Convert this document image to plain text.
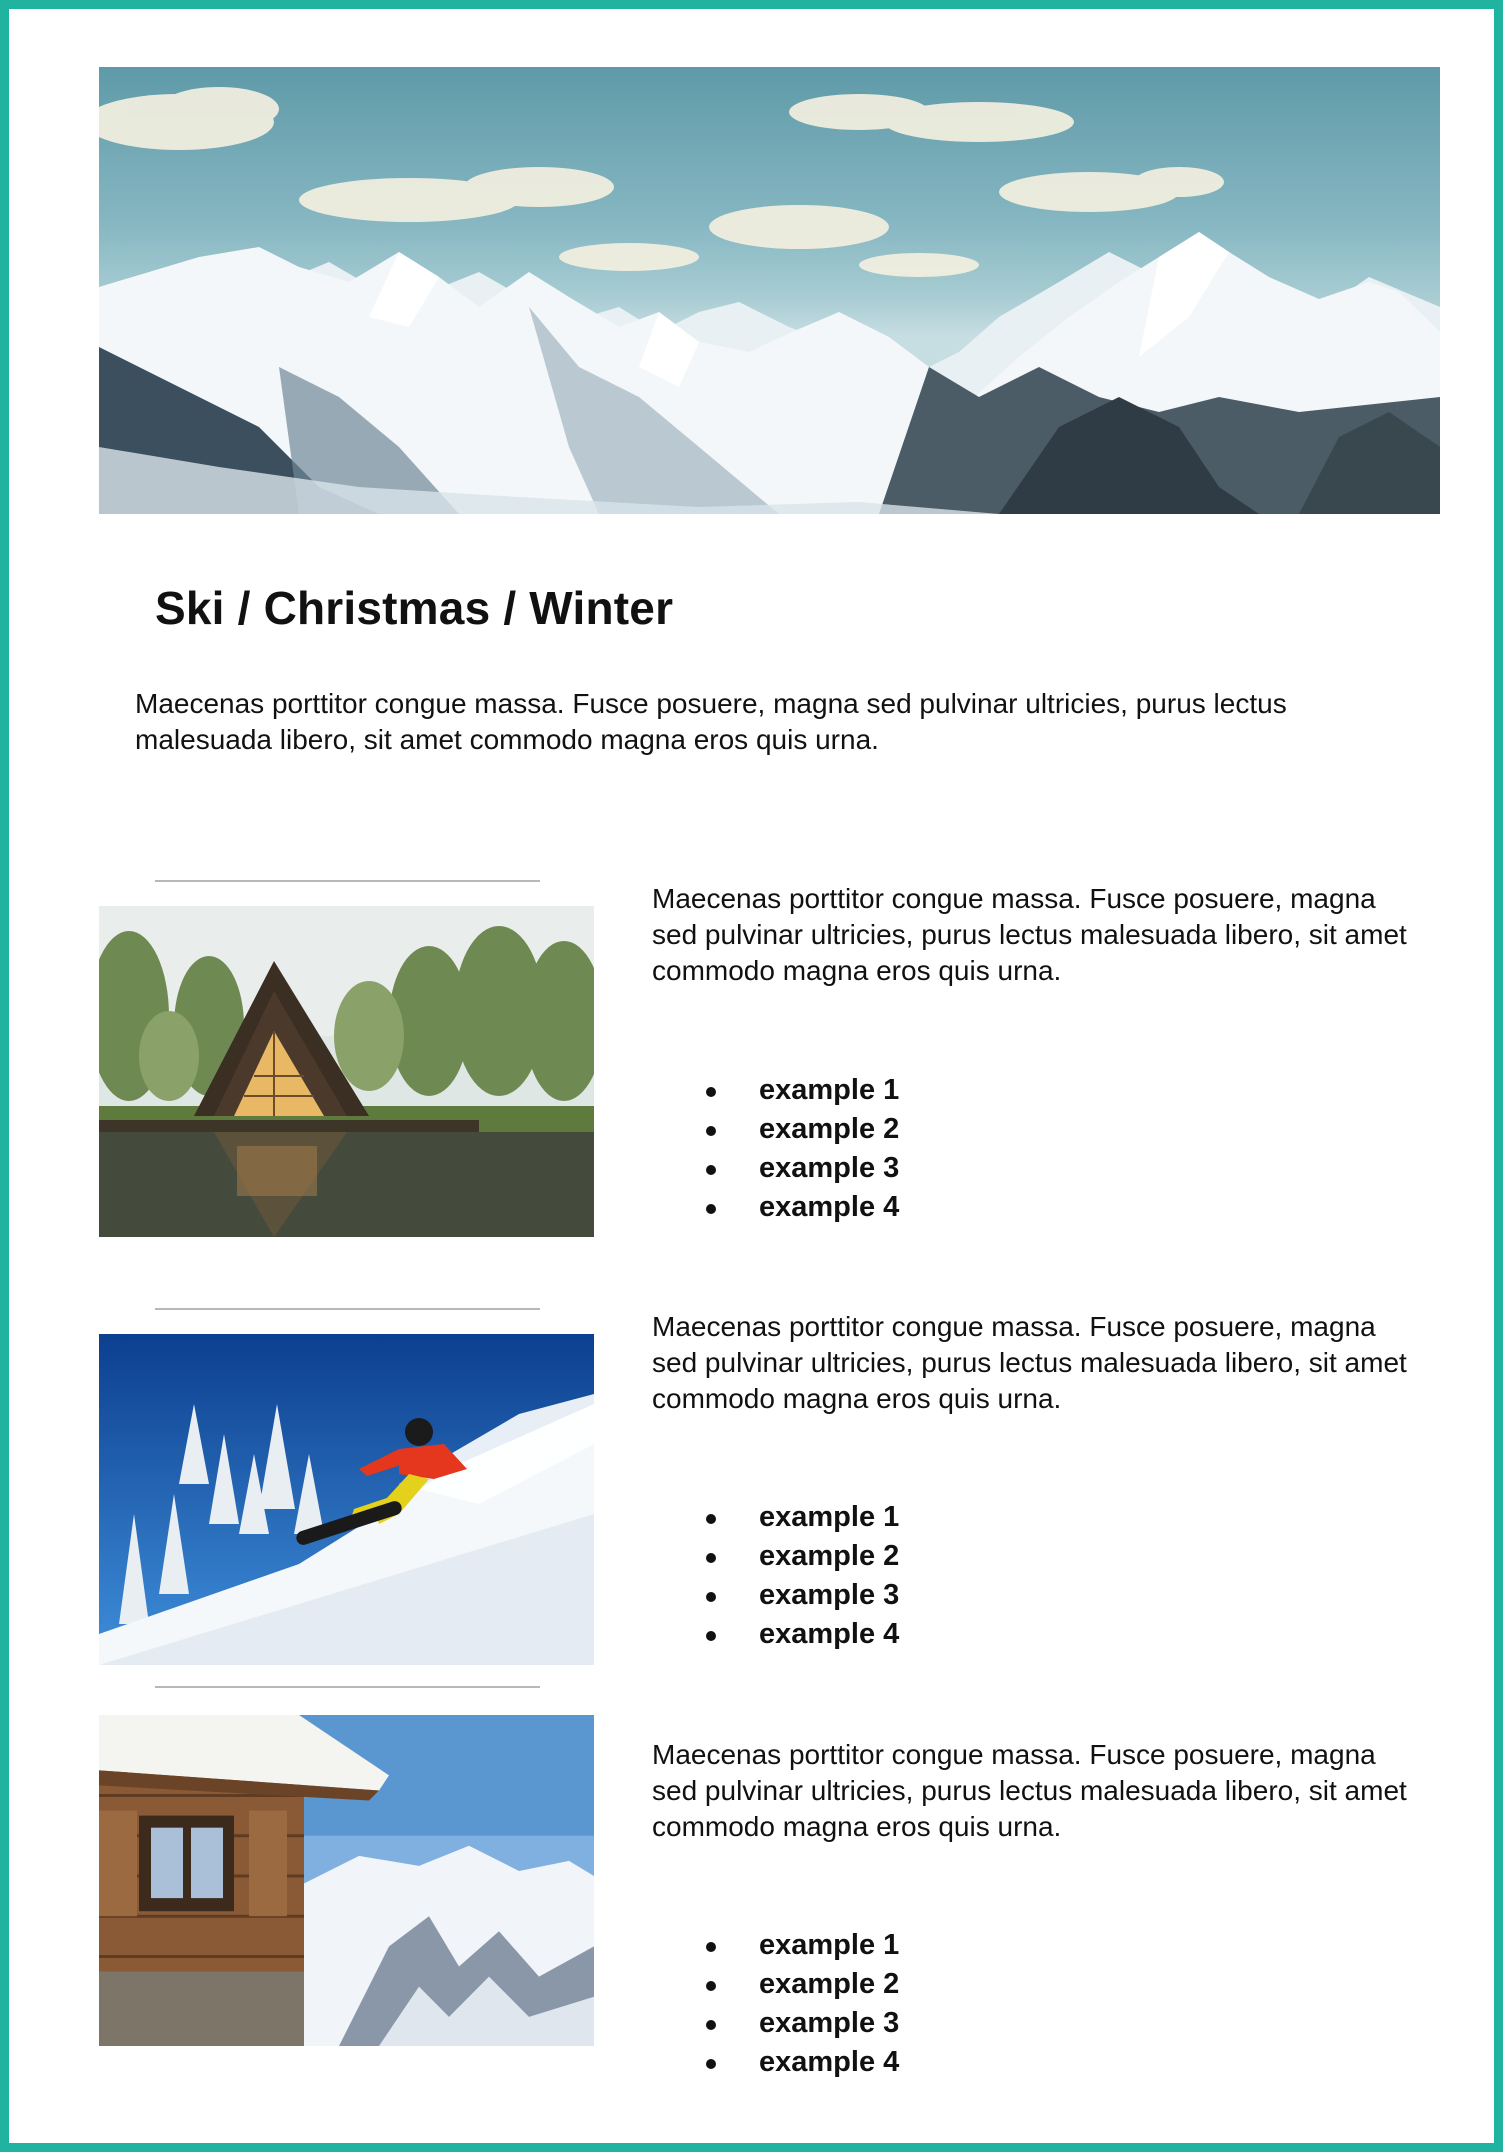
Ski / Christmas / Winter
Maecenas porttitor congue massa. Fusce posuere, magna sed pulvinar ultricies, purus lectus malesuada libero, sit amet commodo magna eros quis urna.
Maecenas porttitor congue massa. Fusce posuere, magna sed pulvinar ultricies, purus lectus malesuada libero, sit amet commodo magna eros quis urna.
example 1
example 2
example 3
example 4
Maecenas porttitor congue massa. Fusce posuere, magna sed pulvinar ultricies, purus lectus malesuada libero, sit amet commodo magna eros quis urna.
example 1
example 2
example 3
example 4
Maecenas porttitor congue massa. Fusce posuere, magna sed pulvinar ultricies, purus lectus malesuada libero, sit amet commodo magna eros quis urna.
example 1
example 2
example 3
example 4
